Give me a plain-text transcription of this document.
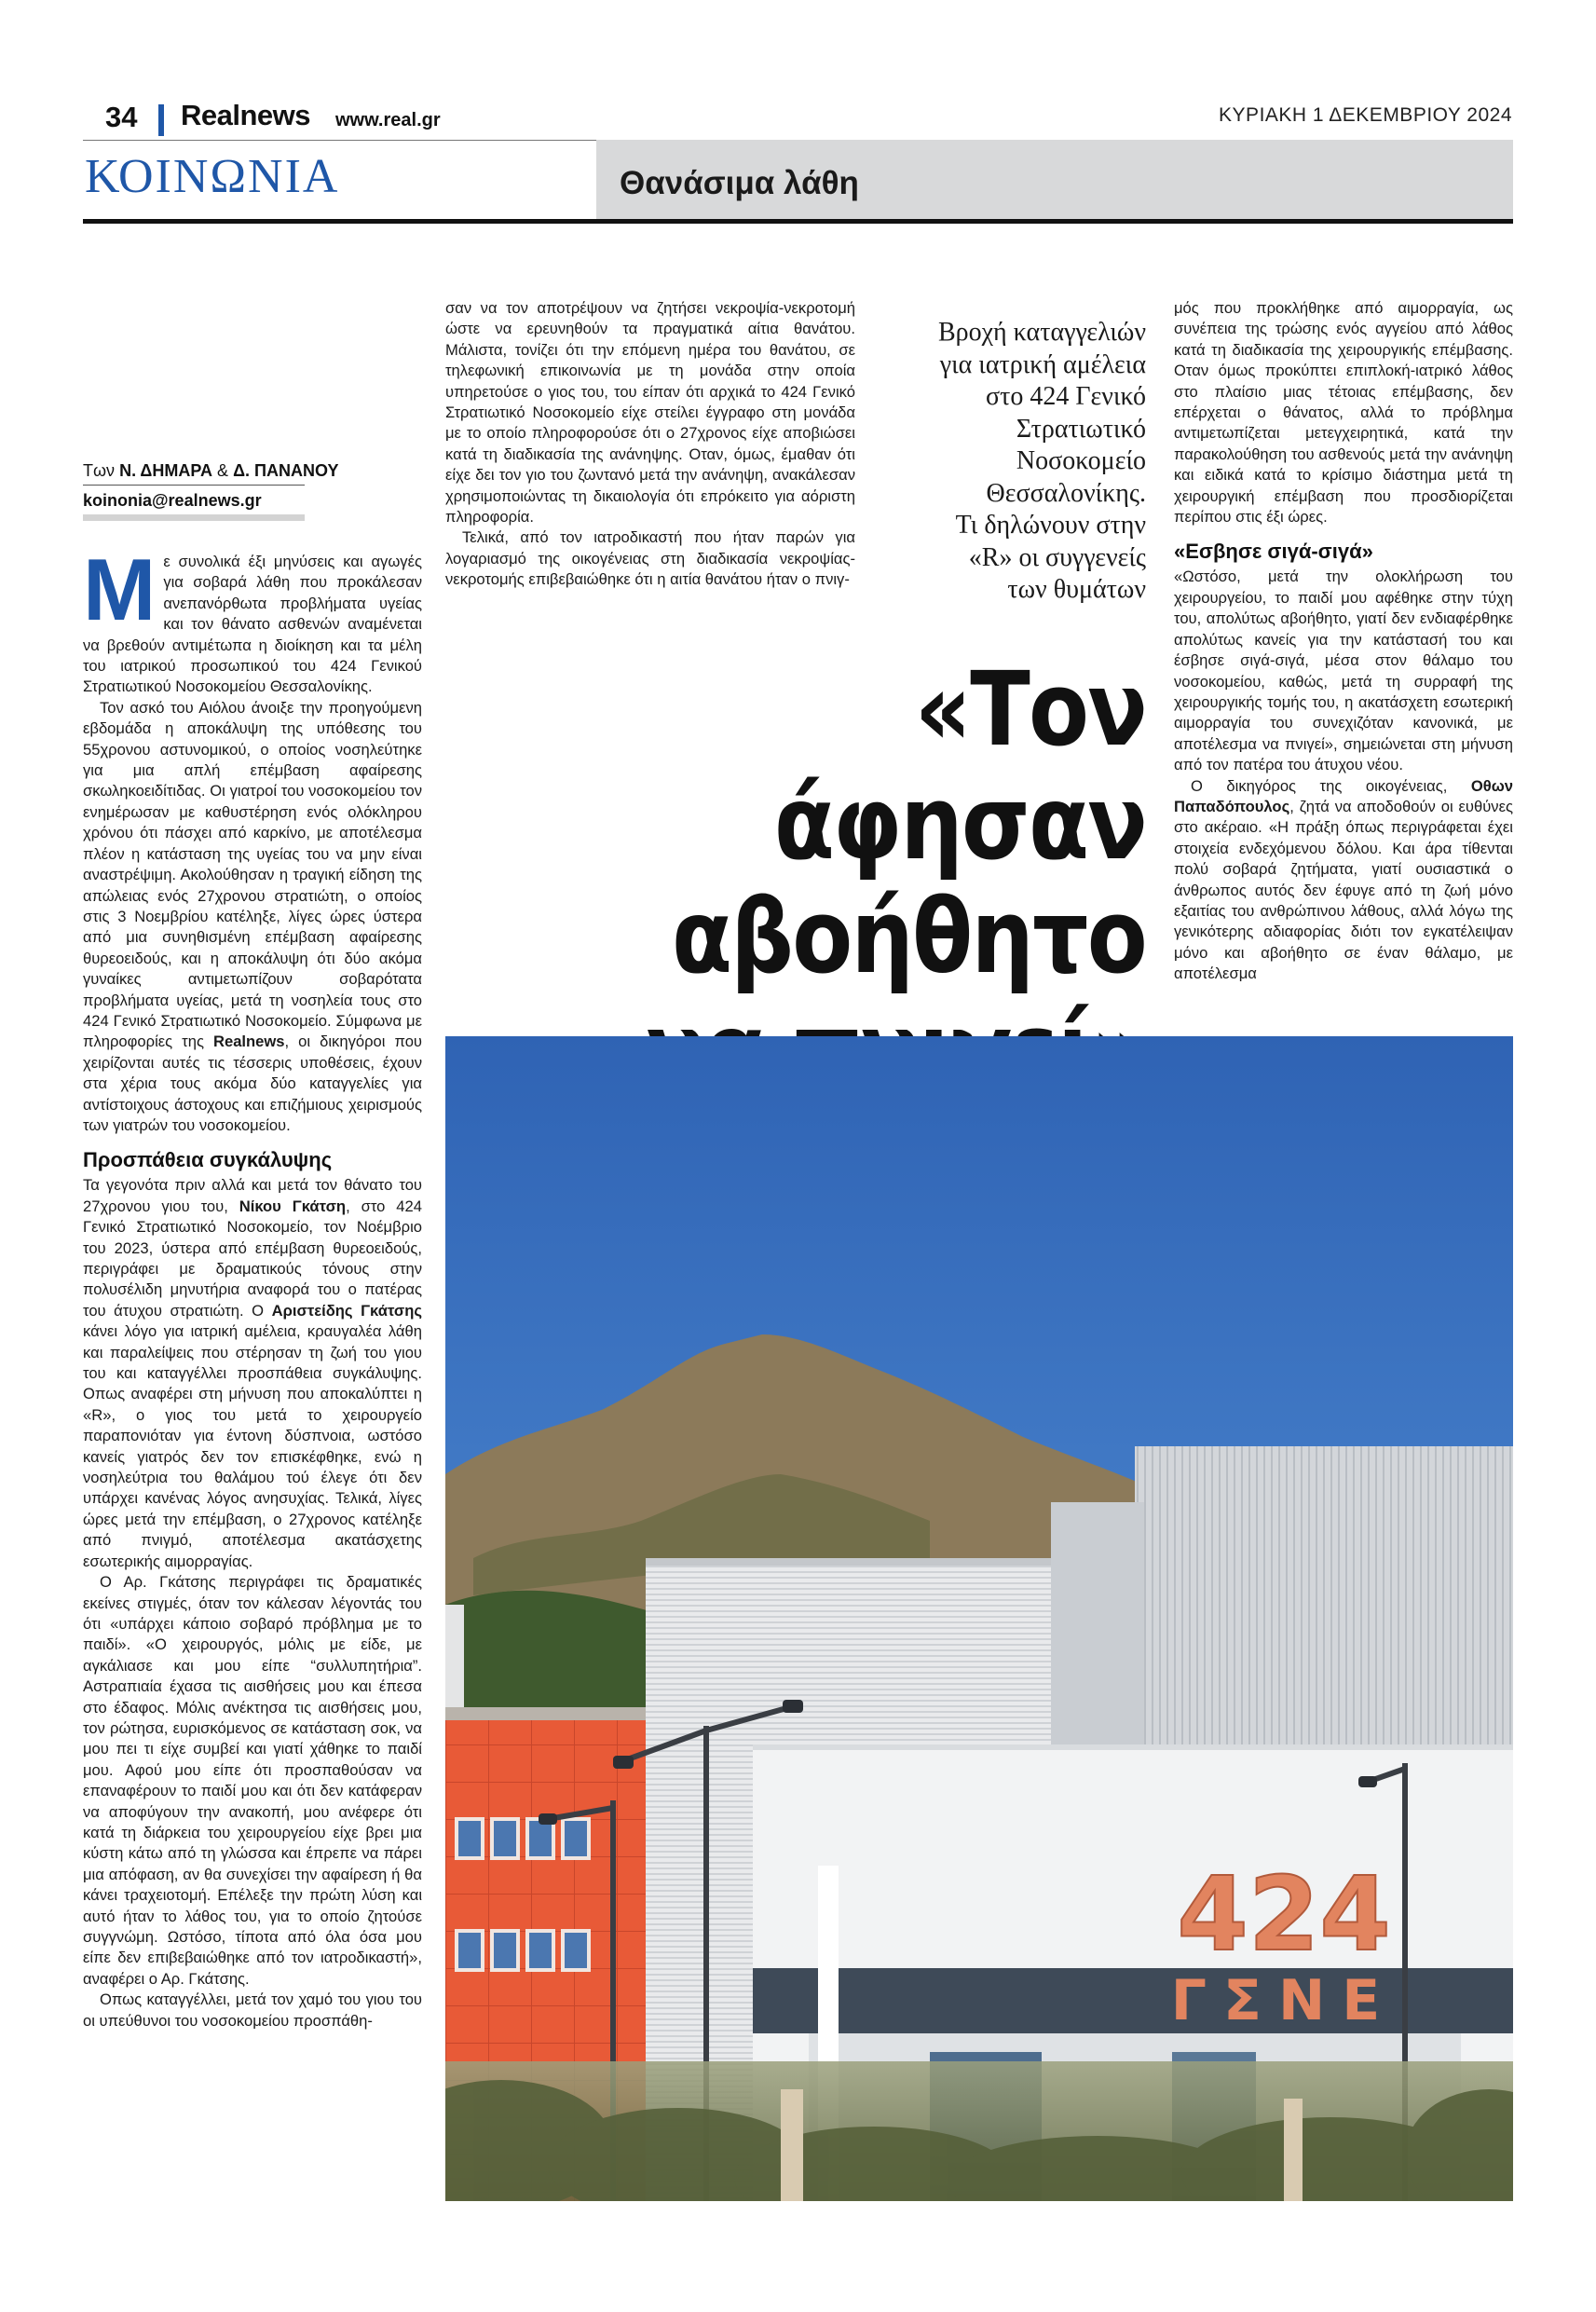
34 Realnews www.real.gr	ΚΥΡΙΑΚΗ 1 ΔΕΚΕΜΒΡΙΟΥ 2024
ΚΟΙΝΩΝΙΑ	Θανάσιμα λάθη
Των Ν. ΔΗΜΑΡΑ & Δ. ΠΑΝΑΝΟΥ
koinonia@realnews.gr

Με συνολικά έξι μηνύσεις και αγωγές για σοβαρά λάθη που προκάλεσαν ανεπανόρθωτα προβλήματα υγείας και τον θάνατο ασθενών αναμένεται να βρεθούν αντιμέτωπα η διοίκηση και τα μέλη του ιατρικού προσωπικού του 424 Γενικού Στρατιωτικού Νοσοκομείου Θεσσαλονίκης.

Τον ασκό του Αιόλου άνοιξε την προηγούμενη εβδομάδα η αποκάλυψη της υπόθεσης του 55χρονου αστυνομικού, ο οποίος νοσηλεύτηκε για μια απλή επέμβαση αφαίρεσης σκωληκοειδίτιδας. Οι γιατροί του νοσοκομείου τον ενημέρωσαν με καθυστέρηση ενός ολόκληρου χρόνου ότι πάσχει από καρκίνο, με αποτέλεσμα πλέον η κατάσταση της υγείας του να μην είναι αναστρέψιμη. Ακολούθησαν η τραγική είδηση της απώλειας ενός 27χρονου στρατιώτη, ο οποίος στις 3 Νοεμβρίου κατέληξε, λίγες ώρες ύστερα από μια συνηθισμένη επέμβαση αφαίρεσης θυρεοειδούς, και η αποκάλυψη ότι δύο ακόμα γυναίκες αντιμετωπίζουν σοβαρότατα προβλήματα υγείας, μετά τη νοσηλεία τους στο 424 Γενικό Στρατιωτικό Νοσοκομείο. Σύμφωνα με πληροφορίες της Realnews, οι δικηγόροι που χειρίζονται αυτές τις τέσσερις υποθέσεις, έχουν στα χέρια τους ακόμα δύο καταγγελίες για αντίστοιχους άστοχους και επιζήμιους χειρισμούς των γιατρών του νοσοκομείου.

Προσπάθεια συγκάλυψης

Τα γεγονότα πριν αλλά και μετά τον θάνατο του 27χρονου γιου του, Νίκου Γκάτση, στο 424 Γενικό Στρατιωτικό Νοσοκομείο, τον Νοέμβριο του 2023, ύστερα από επέμβαση θυρεοειδούς, περιγράφει με δραματικούς τόνους στην πολυσέλιδη μηνυτήρια αναφορά του ο πατέρας του άτυχου στρατιώτη. Ο Αριστείδης Γκάτσης κάνει λόγο για ιατρική αμέλεια, κραυγαλέα λάθη και παραλείψεις που στέρησαν τη ζωή του γιου του και καταγγέλλει προσπάθεια συγκάλυψης. Οπως αναφέρει στη μήνυση που αποκαλύπτει η «R», ο γιος του μετά το χειρουργείο παραπονιόταν για έντονη δύσπνοια, ωστόσο κανείς γιατρός δεν τον επισκέφθηκε, ενώ η νοσηλεύτρια του θαλάμου τού έλεγε ότι δεν υπάρχει κανένας λόγος ανησυχίας. Τελικά, λίγες ώρες μετά την επέμβαση, ο 27χρονος κατέληξε από πνιγμό, αποτέλεσμα ακατάσχετης εσωτερικής αιμορραγίας.

Ο Αρ. Γκάτσης περιγράφει τις δραματικές εκείνες στιγμές, όταν τον κάλεσαν λέγοντάς του ότι «υπάρχει κάποιο σοβαρό πρόβλημα με το παιδί». «Ο χειρουργός, μόλις με είδε, με αγκάλιασε και μου είπε “συλλυπητήρια”. Αστραπιαία έχασα τις αισθήσεις μου και έπεσα στο έδαφος. Μόλις ανέκτησα τις αισθήσεις μου, τον ρώτησα, ευρισκόμενος σε κατάσταση σοκ, να μου πει τι είχε συμβεί και γιατί χάθηκε το παιδί μου. Αφού μου είπε ότι προσπαθούσαν να επαναφέρουν το παιδί μου και ότι δεν κατάφεραν να αποφύγουν την ανακοπή, μου ανέφερε ότι κατά τη διάρκεια του χειρουργείου είχε βρει μια κύστη κάτω από τη γλώσσα και έπρεπε να πάρει μια απόφαση, αν θα συνεχίσει την αφαίρεση ή θα κάνει τραχειοτομή. Επέλεξε την πρώτη λύση και αυτό ήταν το λάθος του, για το οποίο ζητούσε συγγνώμη. Ωστόσο, τίποτα από όλα όσα μου είπε δεν επιβεβαιώθηκε από τον ιατροδικαστή», αναφέρει ο Αρ. Γκάτσης.

Οπως καταγγέλλει, μετά τον χαμό του γιου του οι υπεύθυνοι του νοσοκομείου προσπάθη-

σαν να τον αποτρέψουν να ζητήσει νεκροψία-νεκροτομή ώστε να ερευνηθούν τα πραγματικά αίτια θανάτου. Μάλιστα, τονίζει ότι την επόμενη ημέρα του θανάτου, σε τηλεφωνική επικοινωνία με τη μονάδα στην οποία υπηρετούσε ο γιος του, του είπαν ότι αρχικά το 424 Γενικό Στρατιωτικό Νοσοκομείο είχε στείλει έγγραφο στη μονάδα με το οποίο πληροφορούσε ότι ο 27χρονος είχε αποβιώσει κατά τη διαδικασία της ανάνηψης. Οταν, όμως, έμαθαν ότι είχε δει τον γιο του ζωντανό μετά την ανάνηψη, ανακάλεσαν χρησιμοποιώντας τη δικαιολογία ότι επρόκειτο για αόριστη πληροφορία.

Τελικά, από τον ιατροδικαστή που ήταν παρών για λογαριασμό της οικογένειας στη διαδικασία νεκροψίας-νεκροτομής επιβεβαιώθηκε ότι η αιτία θανάτου ήταν ο πνιγ-

Βροχή καταγγελιών
για ιατρική αμέλεια
στο 424 Γενικό
Στρατιωτικό
Νοσοκομείο
Θεσσαλονίκης.
Τι δηλώνουν στην
«R» οι συγγενείς
των θυμάτων
«Τον άφησαν
αβοήθητο

μός που προκλήθηκε από αιμορραγία, ως συνέπεια της τρώσης ενός αγγείου από λάθος κατά τη διαδικασία της χειρουργικής επέμβασης. Οταν όμως προκύπτει επιπλοκή-ιατρικό λάθος στο πλαίσιο μιας τέτοιας επέμβασης, δεν επέρχεται ο θάνατος, αλλά το πρόβλημα αντιμετωπίζεται μετεγχειρητικά, κατά την παρακολούθηση του ασθενούς μετά την ανάνηψη και ειδικά κατά το κρίσιμο διάστημα μετά τη χειρουργική επέμβαση που προσδιορίζεται περίπου στις έξι ώρες.

«Εσβησε σιγά-σιγά»

«Ωστόσο, μετά την ολοκλήρωση του χειρουργείου, το παιδί μου αφέθηκε στην τύχη του, απολύτως αβοήθητο, γιατί δεν ενδιαφέρθηκε απολύτως κανείς για την κατάστασή του και έσβησε σιγά-σιγά, μέσα στον θάλαμο του νοσοκομείου, καθώς, μετά τη συρραφή της χειρουργικής τομής του, η ακατάσχετη εσωτερική αιμορραγία του συνεχιζόταν κανονικά, με αποτέλεσμα να πνιγεί», σημειώνεται στη μήνυση από τον πατέρα του άτυχου νέου.

Ο δικηγόρος της οικογένειας, Οθων Παπαδόπουλος, ζητά να αποδοθούν οι ευθύνες στο ακέραιο. «Η πράξη όπως περιγράφεται έχει στοιχεία ενδεχόμενου δόλου. Και άρα τίθενται πολύ σοβαρά ζητήματα, γιατί ουσιαστικά ο άνθρωπος αυτός δεν έφυγε από τη ζωή μόνο εξαιτίας του ανθρώπινου λάθους, αλλά λόγω της γενικότερης αδιαφορίας διότι τον εγκατέλειψαν μόνο και αβοήθητο σε έναν θάλαμο, με αποτέλεσμα

424
ΓΣΝΕ
